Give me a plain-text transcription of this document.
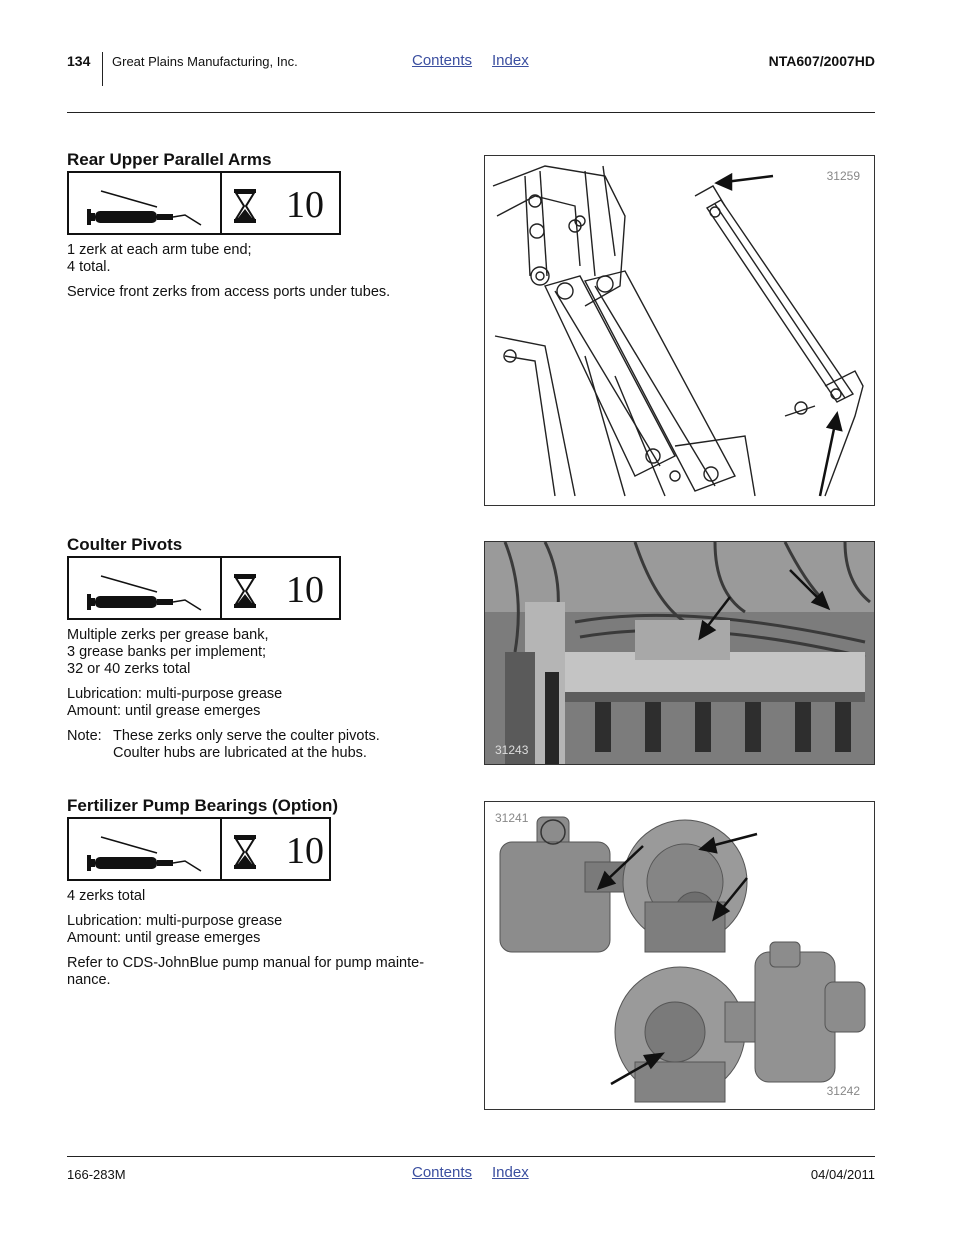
134 Great Plains Manufacturing, Inc.	Contents Index	NTA607/2007HD
Rear Upper Parallel Arms
10
1 zerk at each arm tube end;
4 total.
Service front zerks from access ports under tubes.
31259
Coulter Pivots
10
Multiple zerks per grease bank,
3 grease banks per implement;
32 or 40 zerks total
Lubrication: multi-purpose grease
Amount: until grease emerges
Note: These zerks only serve the coulter pivots.
Coulter hubs are lubricated at the hubs.	31243
Fertilizer Pump Bearings (Option)
10
4 zerks total
Lubrication: multi-purpose grease
Amount: until grease emerges
Refer to CDS-JohnBlue pump manual for pump mainte-
nance.
31241
31242
166-283M	Contents Index	04/04/2011
